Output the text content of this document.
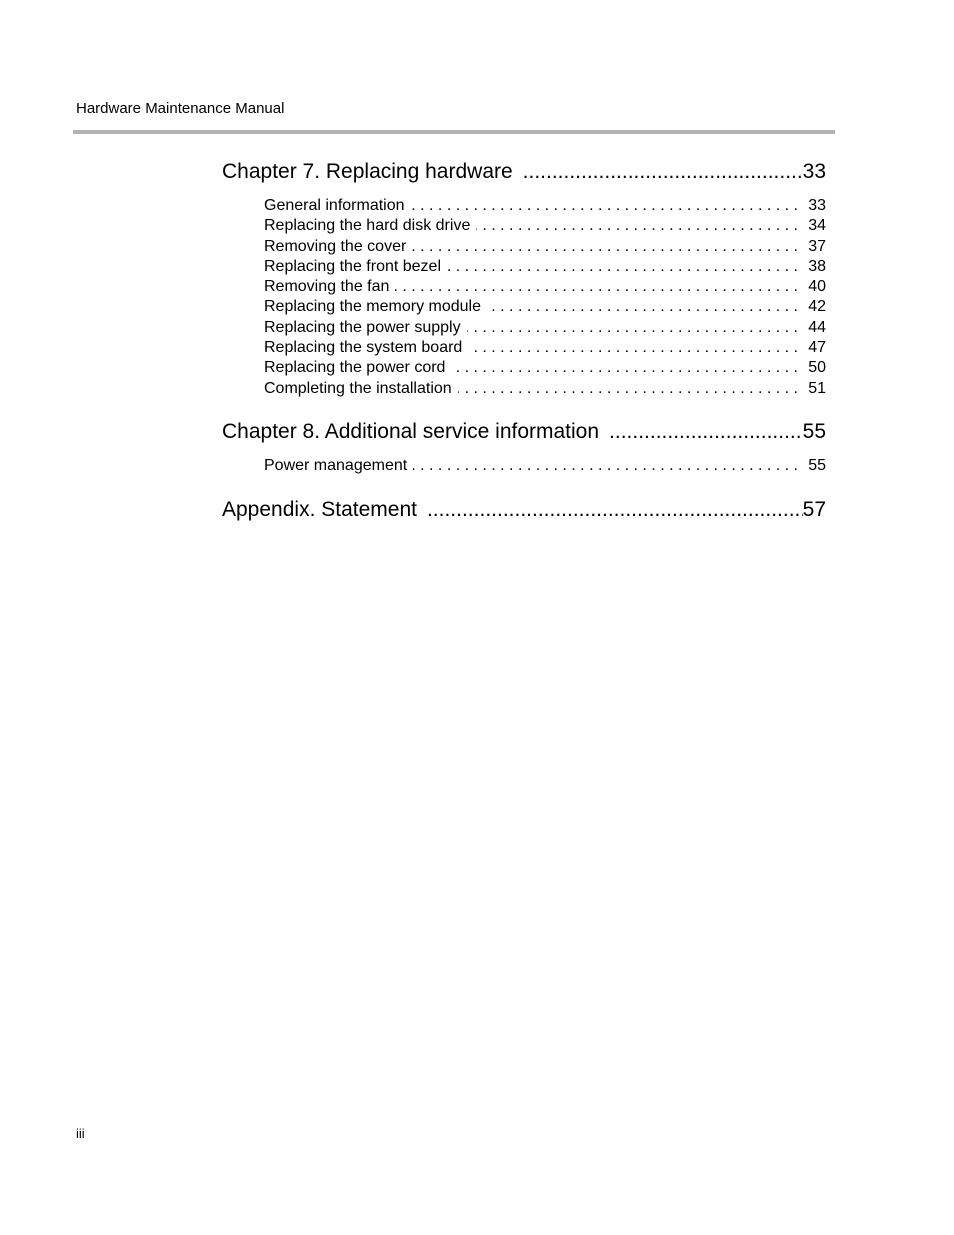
Hardware Maintenance Manual
Chapter 7. Replacing hardware .....	33
General information . . .	33
Replacing the hard disk drive . . .	34
Removing the cover . . .	37
Replacing the front bezel . . .	38
Removing the fan . . .	40
Replacing the memory module . . .	42
Replacing the power supply . . .	44
Replacing the system board . . .	47
Replacing the power cord . . .	50
Completing the installation . . .	51
Chapter 8. Additional service information .....	55
Power management . . .	55
Appendix. Statement .....	57
iii
